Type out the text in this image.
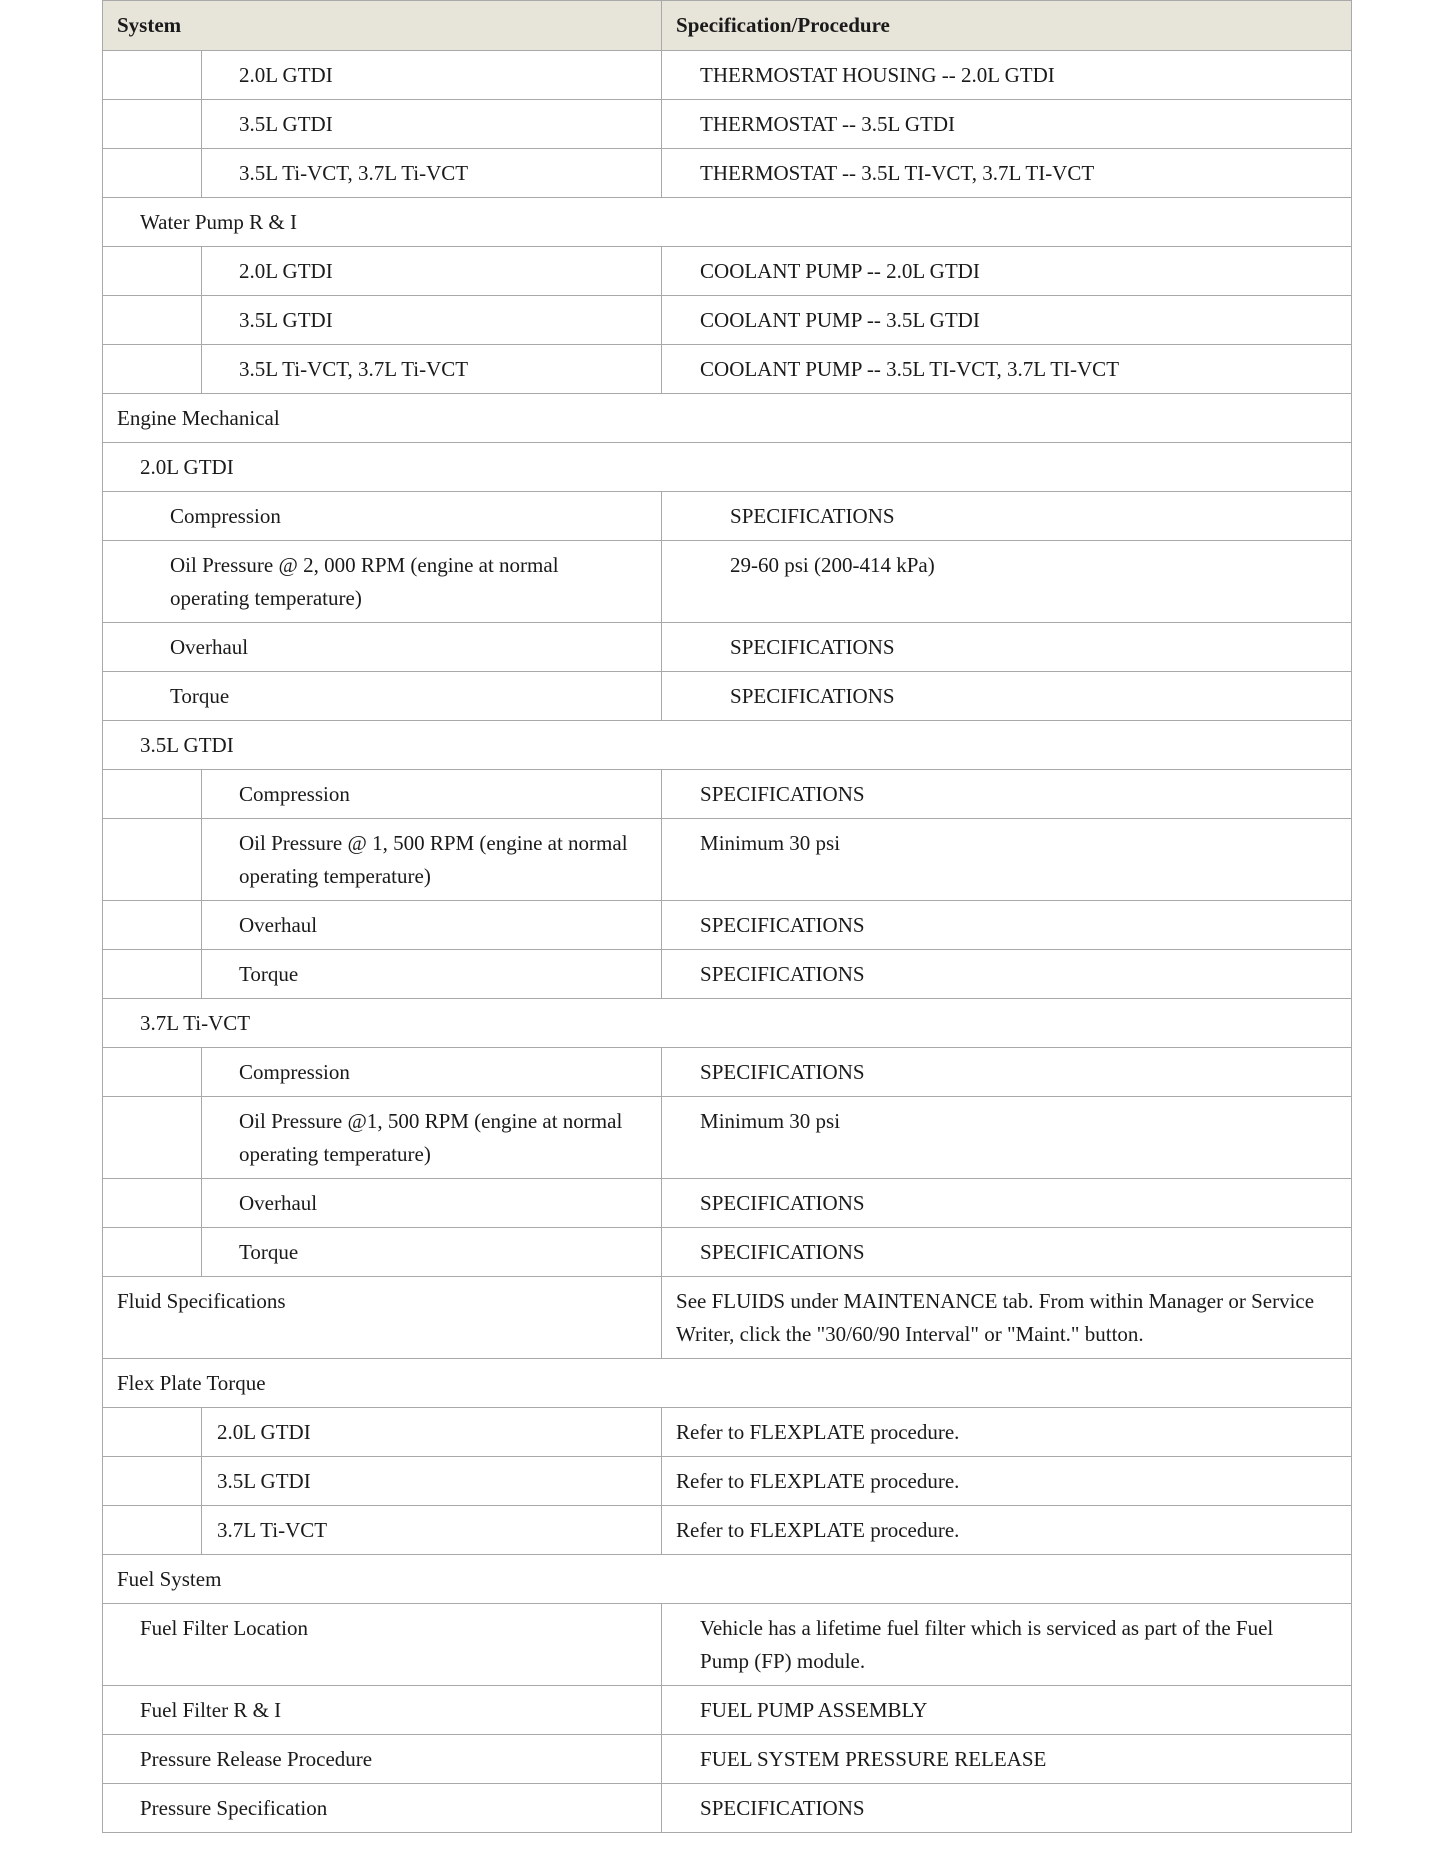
System		Specification/Procedure
	2.0L GTDI	THERMOSTAT HOUSING -- 2.0L GTDI
	3.5L GTDI	THERMOSTAT -- 3.5L GTDI
	3.5L Ti-VCT, 3.7L Ti-VCT	THERMOSTAT -- 3.5L TI-VCT, 3.7L TI-VCT
Water Pump R & I		
	2.0L GTDI	COOLANT PUMP -- 2.0L GTDI
	3.5L GTDI	COOLANT PUMP -- 3.5L GTDI
	3.5L Ti-VCT, 3.7L Ti-VCT	COOLANT PUMP -- 3.5L TI-VCT, 3.7L TI-VCT
Engine Mechanical		
2.0L GTDI		
Compression		SPECIFICATIONS
Oil Pressure @ 2, 000 RPM (engine at normal operating temperature)		29-60 psi (200-414 kPa)
Overhaul		SPECIFICATIONS
Torque		SPECIFICATIONS
3.5L GTDI		
	Compression	SPECIFICATIONS
	Oil Pressure @ 1, 500 RPM (engine at normal operating temperature)	Minimum 30 psi
	Overhaul	SPECIFICATIONS
	Torque	SPECIFICATIONS
3.7L Ti-VCT		
	Compression	SPECIFICATIONS
	Oil Pressure @1, 500 RPM (engine at normal operating temperature)	Minimum 30 psi
	Overhaul	SPECIFICATIONS
	Torque	SPECIFICATIONS
Fluid Specifications		See FLUIDS under MAINTENANCE tab. From within Manager or Service Writer, click the "30/60/90 Interval" or "Maint." button.
Flex Plate Torque		
	2.0L GTDI	Refer to FLEXPLATE procedure.
	3.5L GTDI	Refer to FLEXPLATE procedure.
	3.7L Ti-VCT	Refer to FLEXPLATE procedure.
Fuel System		
Fuel Filter Location		Vehicle has a lifetime fuel filter which is serviced as part of the Fuel Pump (FP) module.
Fuel Filter R & I		FUEL PUMP ASSEMBLY
Pressure Release Procedure		FUEL SYSTEM PRESSURE RELEASE
Pressure Specification		SPECIFICATIONS
